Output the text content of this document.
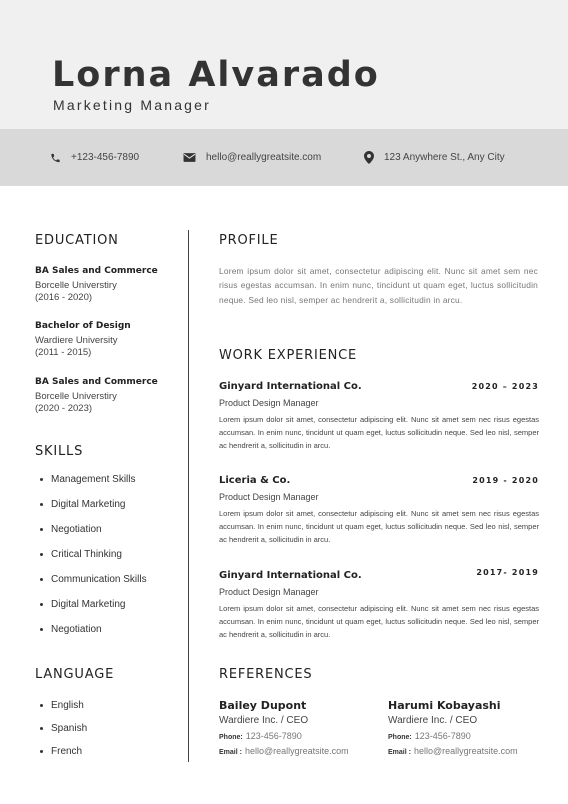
Lorna Alvarado
Marketing Manager
+123-456-7890	hello@reallygreatsite.com	123 Anywhere St., Any City
EDUCATION
BA Sales and Commerce
Borcelle Universtiry
(2016 - 2020)
Bachelor of Design
Wardiere University
(2011 - 2015)
BA Sales and Commerce
Borcelle Universtiry
(2020 - 2023)
SKILLS
Management Skills
Digital Marketing
Negotiation
Critical Thinking
Communication Skills
Digital Marketing
Negotiation
LANGUAGE
English
Spanish
French
PROFILE
Lorem ipsum dolor sit amet, consectetur adipiscing elit. Nunc sit amet sem nec risus egestas accumsan. In enim nunc, tincidunt ut quam eget, luctus sollicitudin neque. Sed leo nisl, semper ac hendrerit a, sollicitudin in arcu.
WORK EXPERIENCE
Ginyard International Co.	2020 – 2023
Product Design Manager
Lorem ipsum dolor sit amet, consectetur adipiscing elit. Nunc sit amet sem nec risus egestas accumsan. In enim nunc, tincidunt ut quam eget, luctus sollicitudin neque. Sed leo nisl, semper ac hendrerit a, sollicitudin in arcu.
Liceria & Co.	2019 - 2020
Product Design Manager
Lorem ipsum dolor sit amet, consectetur adipiscing elit. Nunc sit amet sem nec risus egestas accumsan. In enim nunc, tincidunt ut quam eget, luctus sollicitudin neque. Sed leo nisl, semper ac hendrerit a, sollicitudin in arcu.
Ginyard International Co.	2017- 2019
Product Design Manager
Lorem ipsum dolor sit amet, consectetur adipiscing elit. Nunc sit amet sem nec risus egestas accumsan. In enim nunc, tincidunt ut quam eget, luctus sollicitudin neque. Sed leo nisl, semper ac hendrerit a, sollicitudin in arcu.
REFERENCES
Bailey Dupont
Wardiere Inc. / CEO
Phone: 123-456-7890
Email : hello@reallygreatsite.com
Harumi Kobayashi
Wardiere Inc. / CEO
Phone: 123-456-7890
Email : hello@reallygreatsite.com
